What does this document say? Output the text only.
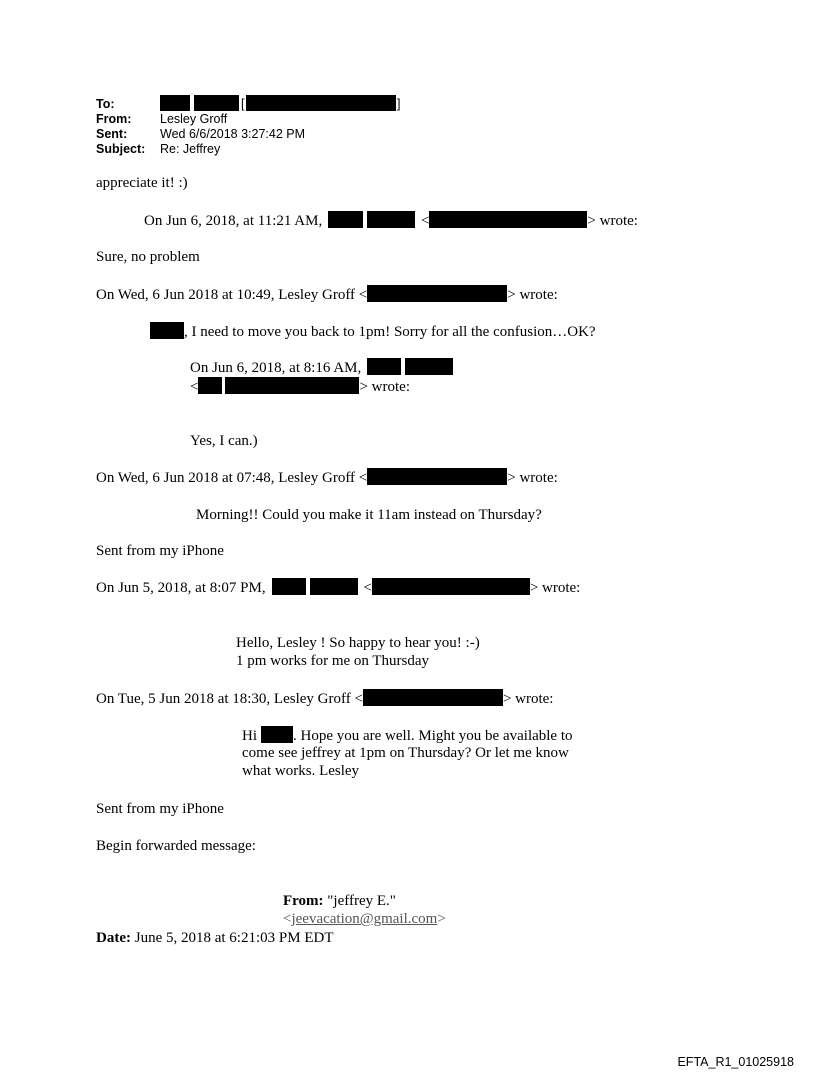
To:	[	]
From: Lesley Groff
Sent:	Wed 6/6/2018 3:27:42 PM
Subject: Re: Jeffrey
appreciate it! :)
On Jun 6, 2018, at 11:21 AM,	<	> wrote:
Sure, no problem
On Wed, 6 Jun 2018 at 10:49, Lesley Groff <	> wrote:
, I need to move you back to 1pm! Sorry for all the confusion…OK?
On Jun 6, 2018, at 8:16 AM,
<	> wrote:
Yes, I can.)
On Wed, 6 Jun 2018 at 07:48, Lesley Groff <	> wrote:
Morning!! Could you make it 11am instead on Thursday?
Sent from my iPhone
On Jun 5, 2018, at 8:07 PM,	<	> wrote:
Hello, Lesley ! So happy to hear you! :-)
1 pm works for me on Thursday
On Tue, 5 Jun 2018 at 18:30, Lesley Groff <	> wrote:
Hi . Hope you are well. Might you be available to
come see jeffrey at 1pm on Thursday? Or let me know
what works. Lesley
Sent from my iPhone
Begin forwarded message:
From: "jeffrey E."
<jeevacation@gmail.com>
Date: June 5, 2018 at 6:21:03 PM EDT
EFTA_R1_01025918
